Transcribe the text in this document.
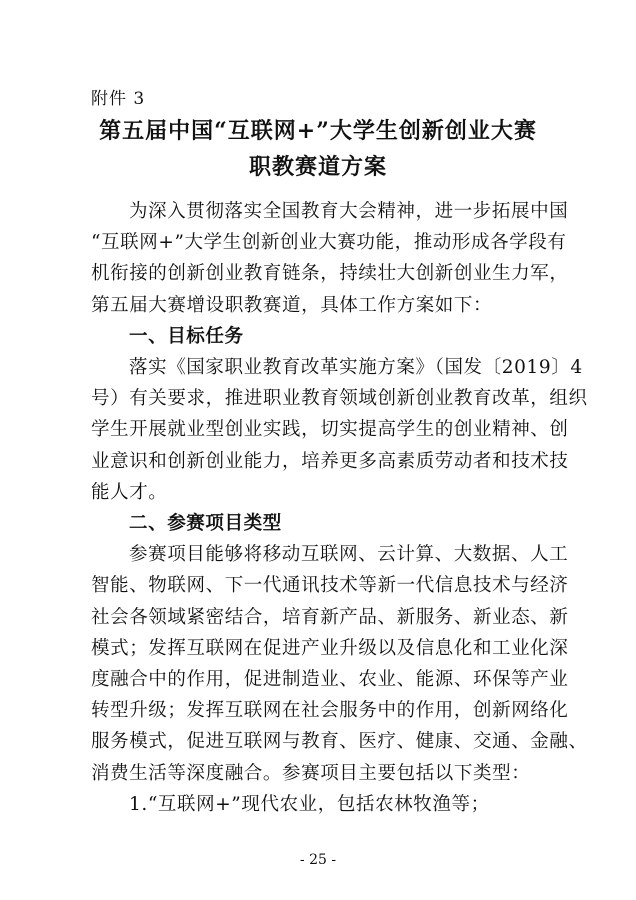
附件 3
第五届中国“互联网+”大学生创新创业大赛
职教赛道方案
为深入贯彻落实全国教育大会精神，进一步拓展中国
“互联网+”大学生创新创业大赛功能，推动形成各学段有
机衔接的创新创业教育链条，持续壮大创新创业生力军，
第五届大赛增设职教赛道，具体工作方案如下：
一、目标任务
落实《国家职业教育改革实施方案》（国发〔2019〕4
号）有关要求，推进职业教育领域创新创业教育改革，组织
学生开展就业型创业实践，切实提高学生的创业精神、创
业意识和创新创业能力，培养更多高素质劳动者和技术技
能人才。
二、参赛项目类型
参赛项目能够将移动互联网、云计算、大数据、人工
智能、物联网、下一代通讯技术等新一代信息技术与经济
社会各领域紧密结合，培育新产品、新服务、新业态、新
模式；发挥互联网在促进产业升级以及信息化和工业化深
度融合中的作用，促进制造业、农业、能源、环保等产业
转型升级；发挥互联网在社会服务中的作用，创新网络化
服务模式，促进互联网与教育、医疗、健康、交通、金融、
消费生活等深度融合。参赛项目主要包括以下类型：
1.“互联网+”现代农业，包括农林牧渔等；
- 25 -
